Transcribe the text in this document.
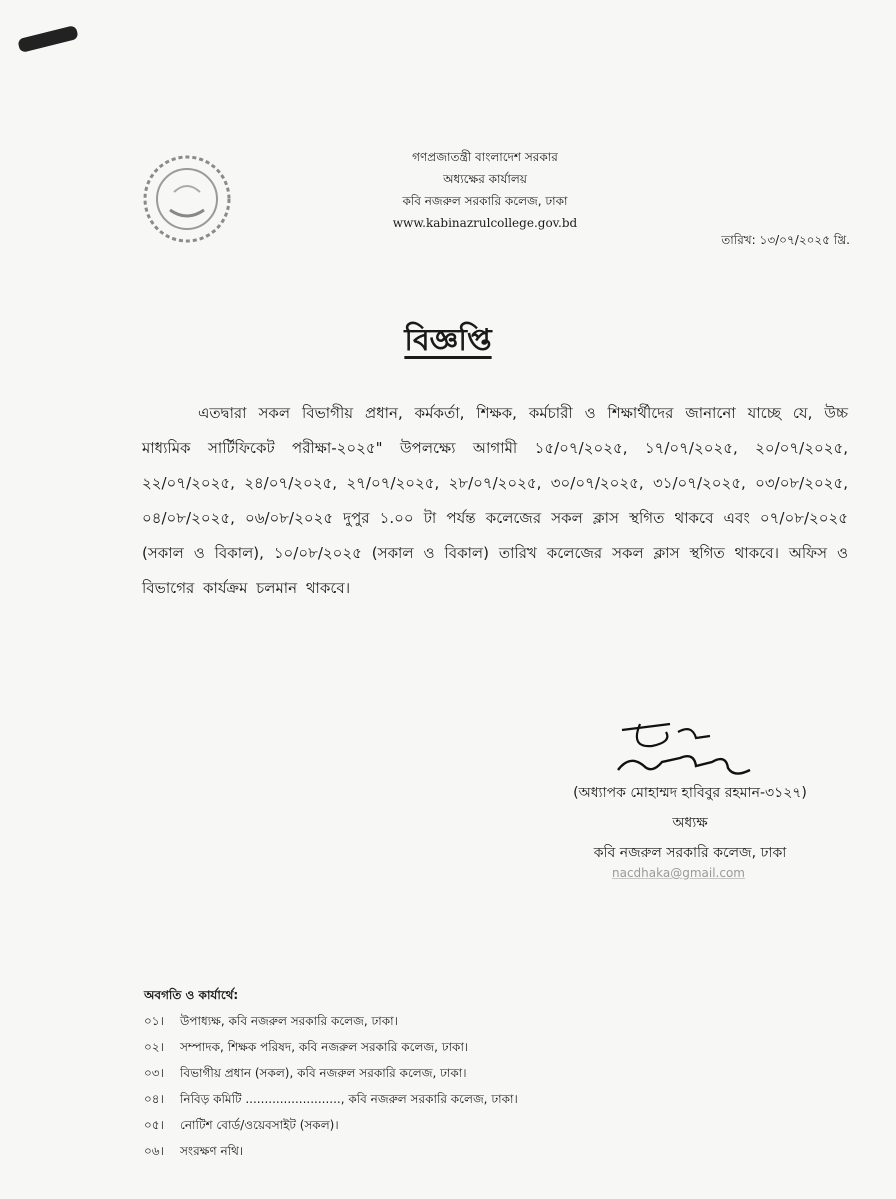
গণপ্রজাতন্ত্রী বাংলাদেশ সরকার
অধ্যক্ষের কার্যালয়
কবি নজরুল সরকারি কলেজ, ঢাকা
www.kabinazrulcollege.gov.bd
তারিখ: ১৩/০৭/২০২৫ খ্রি.
বিজ্ঞপ্তি
এতদ্বারা সকল বিভাগীয় প্রধান, কর্মকর্তা, শিক্ষক, কর্মচারী ও শিক্ষার্থীদের জানানো যাচ্ছে যে, উচ্চ মাধ্যমিক সার্টিফিকেট পরীক্ষা-২০২৫" উপলক্ষ্যে আগামী ১৫/০৭/২০২৫, ১৭/০৭/২০২৫, ২০/০৭/২০২৫, ২২/০৭/২০২৫, ২৪/০৭/২০২৫, ২৭/০৭/২০২৫, ২৮/০৭/২০২৫, ৩০/০৭/২০২৫, ৩১/০৭/২০২৫, ০৩/০৮/২০২৫, ০৪/০৮/২০২৫, ০৬/০৮/২০২৫ দুপুর ১.০০ টা পর্যন্ত কলেজের সকল ক্লাস স্থগিত থাকবে এবং ০৭/০৮/২০২৫ (সকাল ও বিকাল), ১০/০৮/২০২৫ (সকাল ও বিকাল) তারিখ কলেজের সকল ক্লাস স্থগিত থাকবে। অফিস ও বিভাগের কার্যক্রম চলমান থাকবে।
(অধ্যাপক মোহাম্মদ হাবিবুর রহমান-৩১২৭)
অধ্যক্ষ
কবি নজরুল সরকারি কলেজ, ঢাকা
nacdhaka@gmail.com
অবগতি ও কার্যার্থে:
০১। উপাধ্যক্ষ, কবি নজরুল সরকারি কলেজ, ঢাকা।
০২। সম্পাদক, শিক্ষক পরিষদ, কবি নজরুল সরকারি কলেজ, ঢাকা।
০৩। বিভাগীয় প্রধান (সকল), কবি নজরুল সরকারি কলেজ, ঢাকা।
০৪। নিবিড় কমিটি ........................., কবি নজরুল সরকারি কলেজ, ঢাকা।
০৫। নোটিশ বোর্ড/ওয়েবসাইট (সকল)।
০৬। সংরক্ষণ নথি।
